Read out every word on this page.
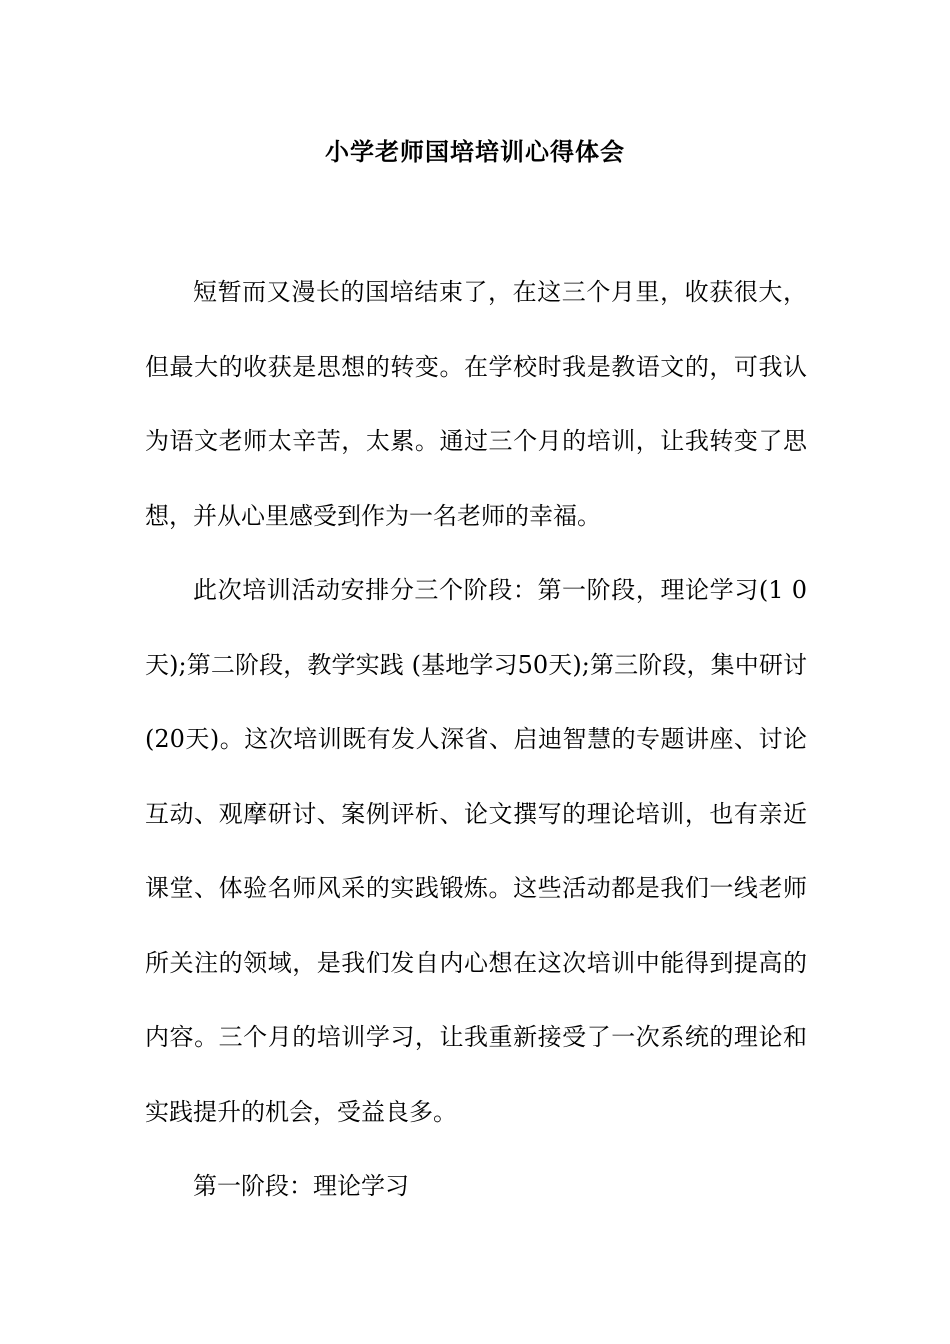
小学老师国培培训心得体会

短暂而又漫长的国培结束了，在这三个月里，收获很大，但最大的收获是思想的转变。在学校时我是教语文的，可我认为语文老师太辛苦，太累。通过三个月的培训，让我转变了思想，并从心里感受到作为一名老师的幸福。

此次培训活动安排分三个阶段：第一阶段，理论学习(1 0天);第二阶段，教学实践 (基地学习50天);第三阶段，集中研讨(20天)。这次培训既有发人深省、启迪智慧的专题讲座、讨论互动、观摩研讨、案例评析、论文撰写的理论培训，也有亲近课堂、体验名师风采的实践锻炼。这些活动都是我们一线老师所关注的领域，是我们发自内心想在这次培训中能得到提高的内容。三个月的培训学习，让我重新接受了一次系统的理论和实践提升的机会，受益良多。

第一阶段：理论学习
